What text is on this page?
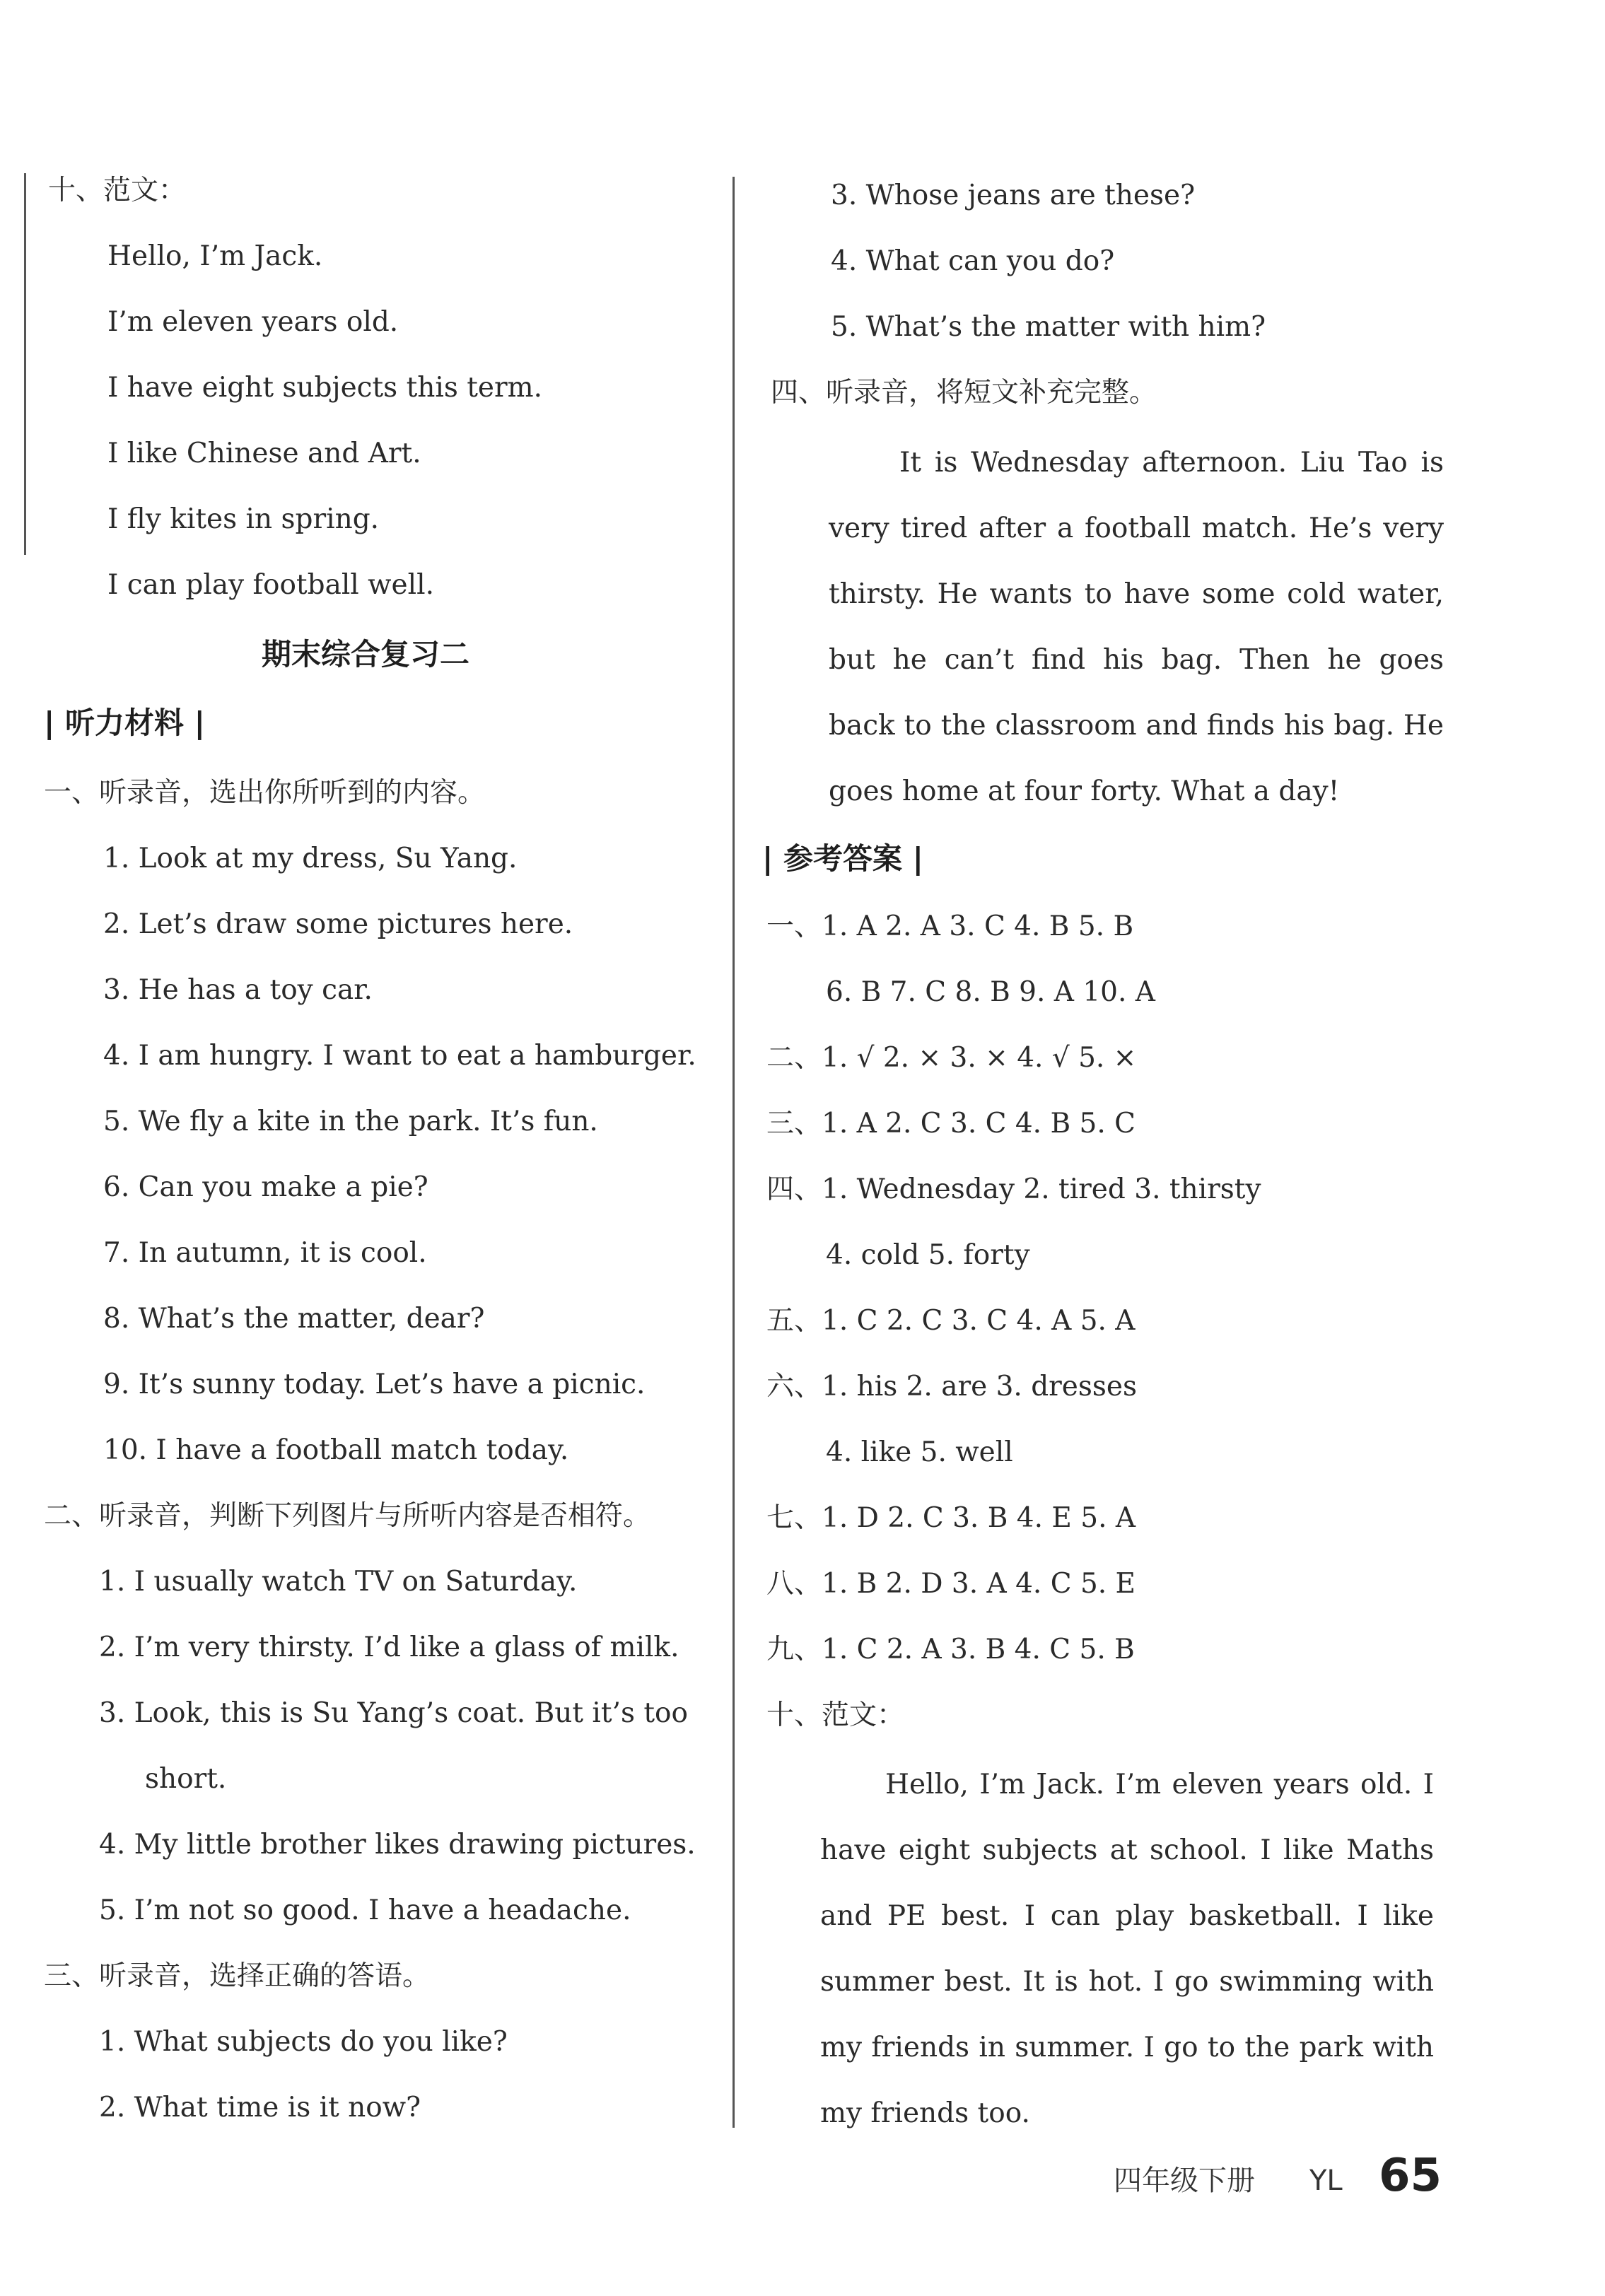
十、范文：
Hello, I’m Jack.
I’m eleven years old.
I have eight subjects this term.
I like Chinese and Art.
I fly kites in spring.
I can play football well.
期末综合复习二
| 听力材料 |
一、听录音，选出你所听到的内容。
1. Look at my dress, Su Yang.
2. Let’s draw some pictures here.
3. He has a toy car.
4. I am hungry. I want to eat a hamburger.
5. We fly a kite in the park. It’s fun.
6. Can you make a pie?
7. In autumn, it is cool.
8. What’s the matter, dear?
9. It’s sunny today. Let’s have a picnic.
10. I have a football match today.
二、听录音，判断下列图片与所听内容是否相符。
1. I usually watch TV on Saturday.
2. I’m very thirsty. I’d like a glass of milk.
3. Look, this is Su Yang’s coat. But it’s too
short.
4. My little brother likes drawing pictures.
5. I’m not so good. I have a headache.
三、听录音，选择正确的答语。
1. What subjects do you like?
2. What time is it now?
3. Whose jeans are these?
4. What can you do?
5. What’s the matter with him?
四、听录音，将短文补充完整。
It is Wednesday afternoon. Liu Tao is very tired after a football match. He’s very thirsty. He wants to have some cold water, but he can’t find his bag. Then he goes back to the classroom and finds his bag. He goes home at four forty. What a day!
| 参考答案 |
一、1. A 2. A 3. C 4. B 5. B
6. B 7. C 8. B 9. A 10. A
二、1. √ 2. × 3. × 4. √ 5. ×
三、1. A 2. C 3. C 4. B 5. C
四、1. Wednesday 2. tired 3. thirsty
4. cold 5. forty
五、1. C 2. C 3. C 4. A 5. A
六、1. his 2. are 3. dresses
4. like 5. well
七、1. D 2. C 3. B 4. E 5. A
八、1. B 2. D 3. A 4. C 5. E
九、1. C 2. A 3. B 4. C 5. B
十、范文：
Hello, I’m Jack. I’m eleven years old. I have eight subjects at school. I like Maths and PE best. I can play basketball. I like summer best. It is hot. I go swimming with my friends in summer. I go to the park with my friends too.
四年级下册 YL 65
